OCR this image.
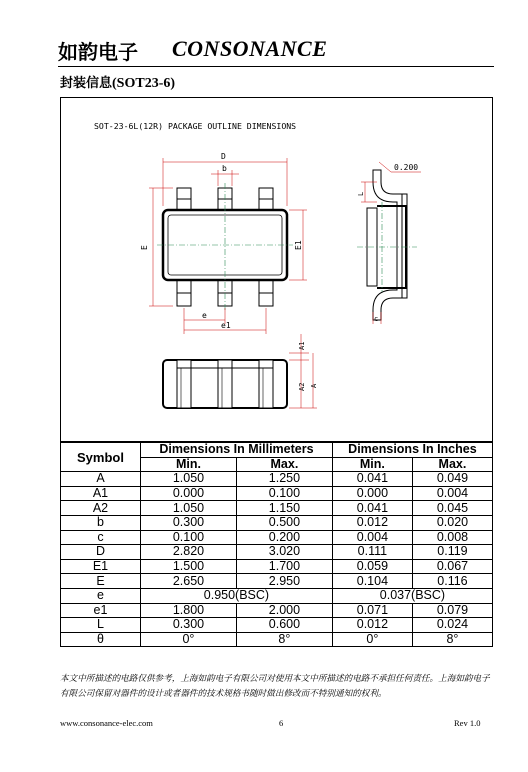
如韵电子 CONSONANCE
封装信息(SOT23-6)
SOT-23-6L(12R) PACKAGE OUTLINE DIMENSIONS
D
b
E	E1
e
e1
0.200
L
c
A1
A2 A
Symbol	Dimensions In Millimeters		Dimensions In Inches	
	Min.	Max.	Min.	Max.
A	1.050	1.250	0.041	0.049
A1	0.000	0.100	0.000	0.004
A2	1.050	1.150	0.041	0.045
b	0.300	0.500	0.012	0.020
c	0.100	0.200	0.004	0.008
D	2.820	3.020	0.111	0.119
E1	1.500	1.700	0.059	0.067
E	2.650	2.950	0.104	0.116
e	0.950(BSC)		0.037(BSC)	
e1	1.800	2.000	0.071	0.079
L	0.300	0.600	0.012	0.024
θ	0°	8°	0°	8°
本文中所描述的电路仅供参考，上海如韵电子有限公司对使用本文中所描述的电路不承担任何责任。上海如韵电子有限公司保留对器件的设计或者器件的技术规格书随时做出修改而不特别通知的权利。
www.consonance-elec.com	6	Rev 1.0
